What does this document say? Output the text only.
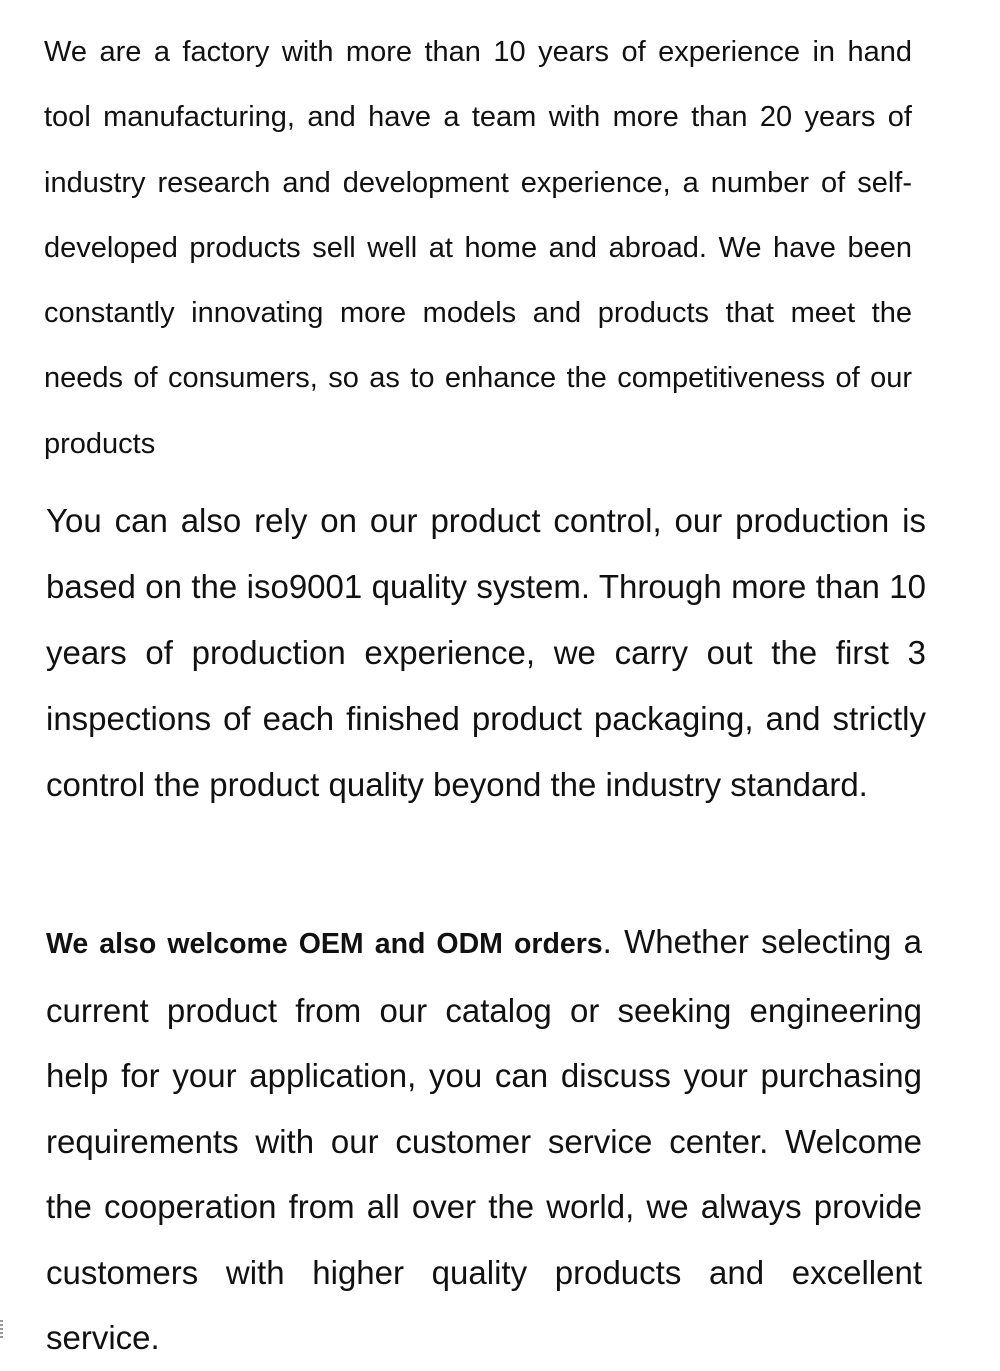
We are a factory with more than 10 years of experience in hand tool manufacturing, and have a team with more than 20 years of industry research and development experience, a number of self-developed products sell well at home and abroad. We have been constantly innovating more models and products that meet the needs of consumers, so as to enhance the competitiveness of our products

You can also rely on our product control, our production is based on the iso9001 quality system. Through more than 10 years of production experience, we carry out the first 3 inspections of each finished product packaging, and strictly control the product quality beyond the industry standard.

We also welcome OEM and ODM orders. Whether selecting a current product from our catalog or seeking engineering help for your application, you can discuss your purchasing requirements with our customer service center. Welcome the cooperation from all over the world, we always provide customers with higher quality products and excellent service.
